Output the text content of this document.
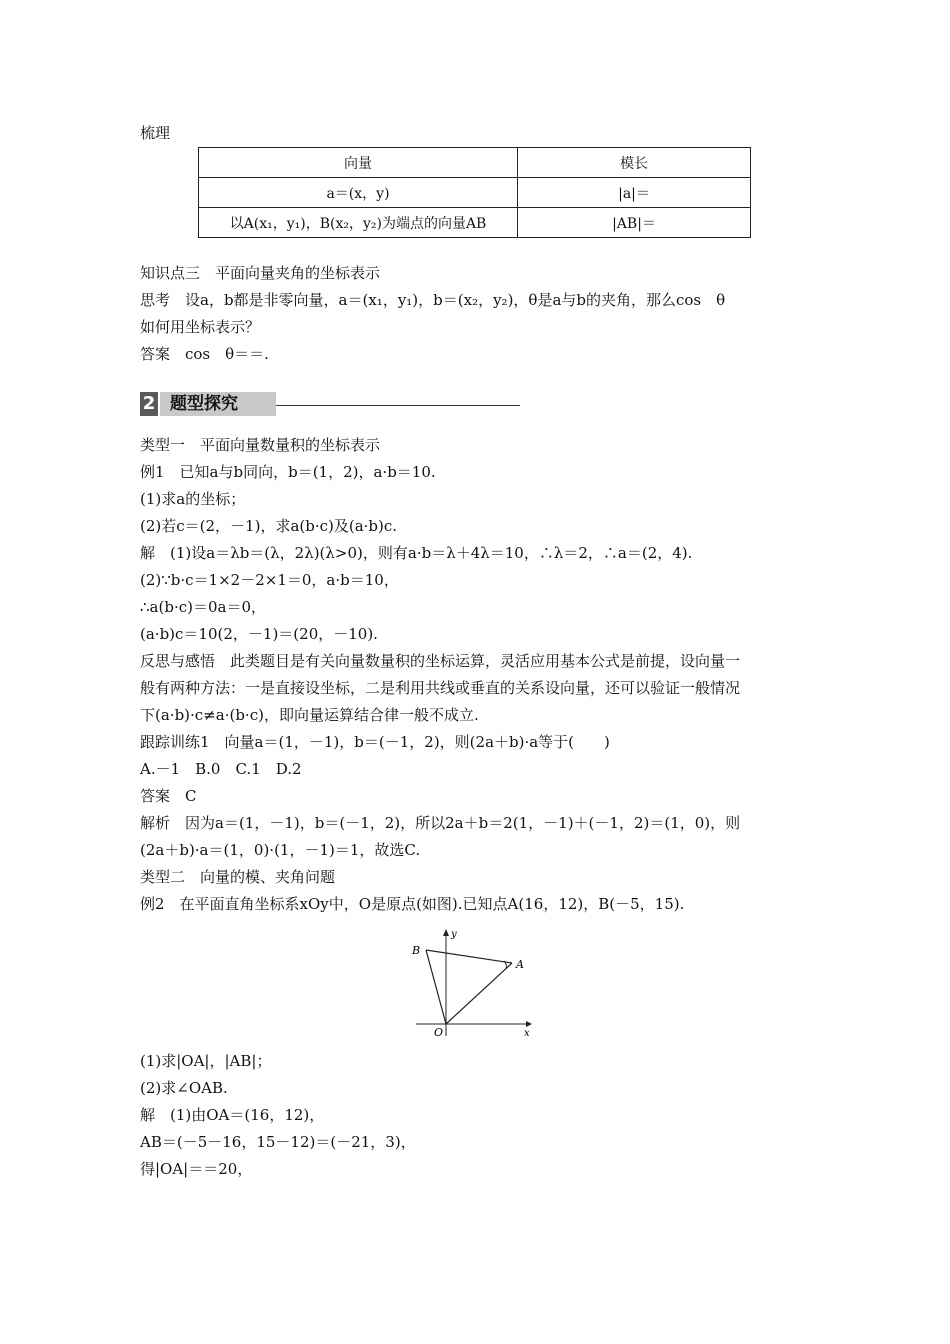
梳理
向量	模长
a＝(x，y)	|a|＝
以A(x₁，y₁)，B(x₂，y₂)为端点的向量AB	|AB|＝
知识点三　平面向量夹角的坐标表示
思考　设a，b都是非零向量，a＝(x₁，y₁)，b＝(x₂，y₂)，θ是a与b的夹角，那么cos　θ
如何用坐标表示？
答案　cos　θ＝＝.
2 题型探究
类型一　平面向量数量积的坐标表示
例1　已知a与b同向，b＝(1，2)，a·b＝10.
(1)求a的坐标；
(2)若c＝(2，－1)，求a(b·c)及(a·b)c.
解　(1)设a＝λb＝(λ，2λ)(λ>0)，则有a·b＝λ＋4λ＝10，∴λ＝2，∴a＝(2，4).
(2)∵b·c＝1×2－2×1＝0，a·b＝10，
∴a(b·c)＝0a＝0，
(a·b)c＝10(2，－1)＝(20，－10).
反思与感悟　此类题目是有关向量数量积的坐标运算，灵活应用基本公式是前提，设向量一
般有两种方法：一是直接设坐标，二是利用共线或垂直的关系设向量，还可以验证一般情况
下(a·b)·c≠a·(b·c)，即向量运算结合律一般不成立.
跟踪训练1　向量a＝(1，－1)，b＝(－1，2)，则(2a＋b)·a等于(　　)
A.－1　B.0　C.1　D.2
答案　C
解析　因为a＝(1，－1)，b＝(－1，2)，所以2a＋b＝2(1，－1)＋(－1，2)＝(1，0)，则
(2a＋b)·a＝(1，0)·(1，－1)＝1，故选C.
类型二　向量的模、夹角问题
例2　在平面直角坐标系xOy中，O是原点(如图).已知点A(16，12)，B(－5，15).
B
A
O	x
y
(1)求|OA|，|AB|；
(2)求∠OAB.
解　(1)由OA＝(16，12)，
AB＝(－5－16，15－12)＝(－21，3)，
得|OA|＝＝20，
